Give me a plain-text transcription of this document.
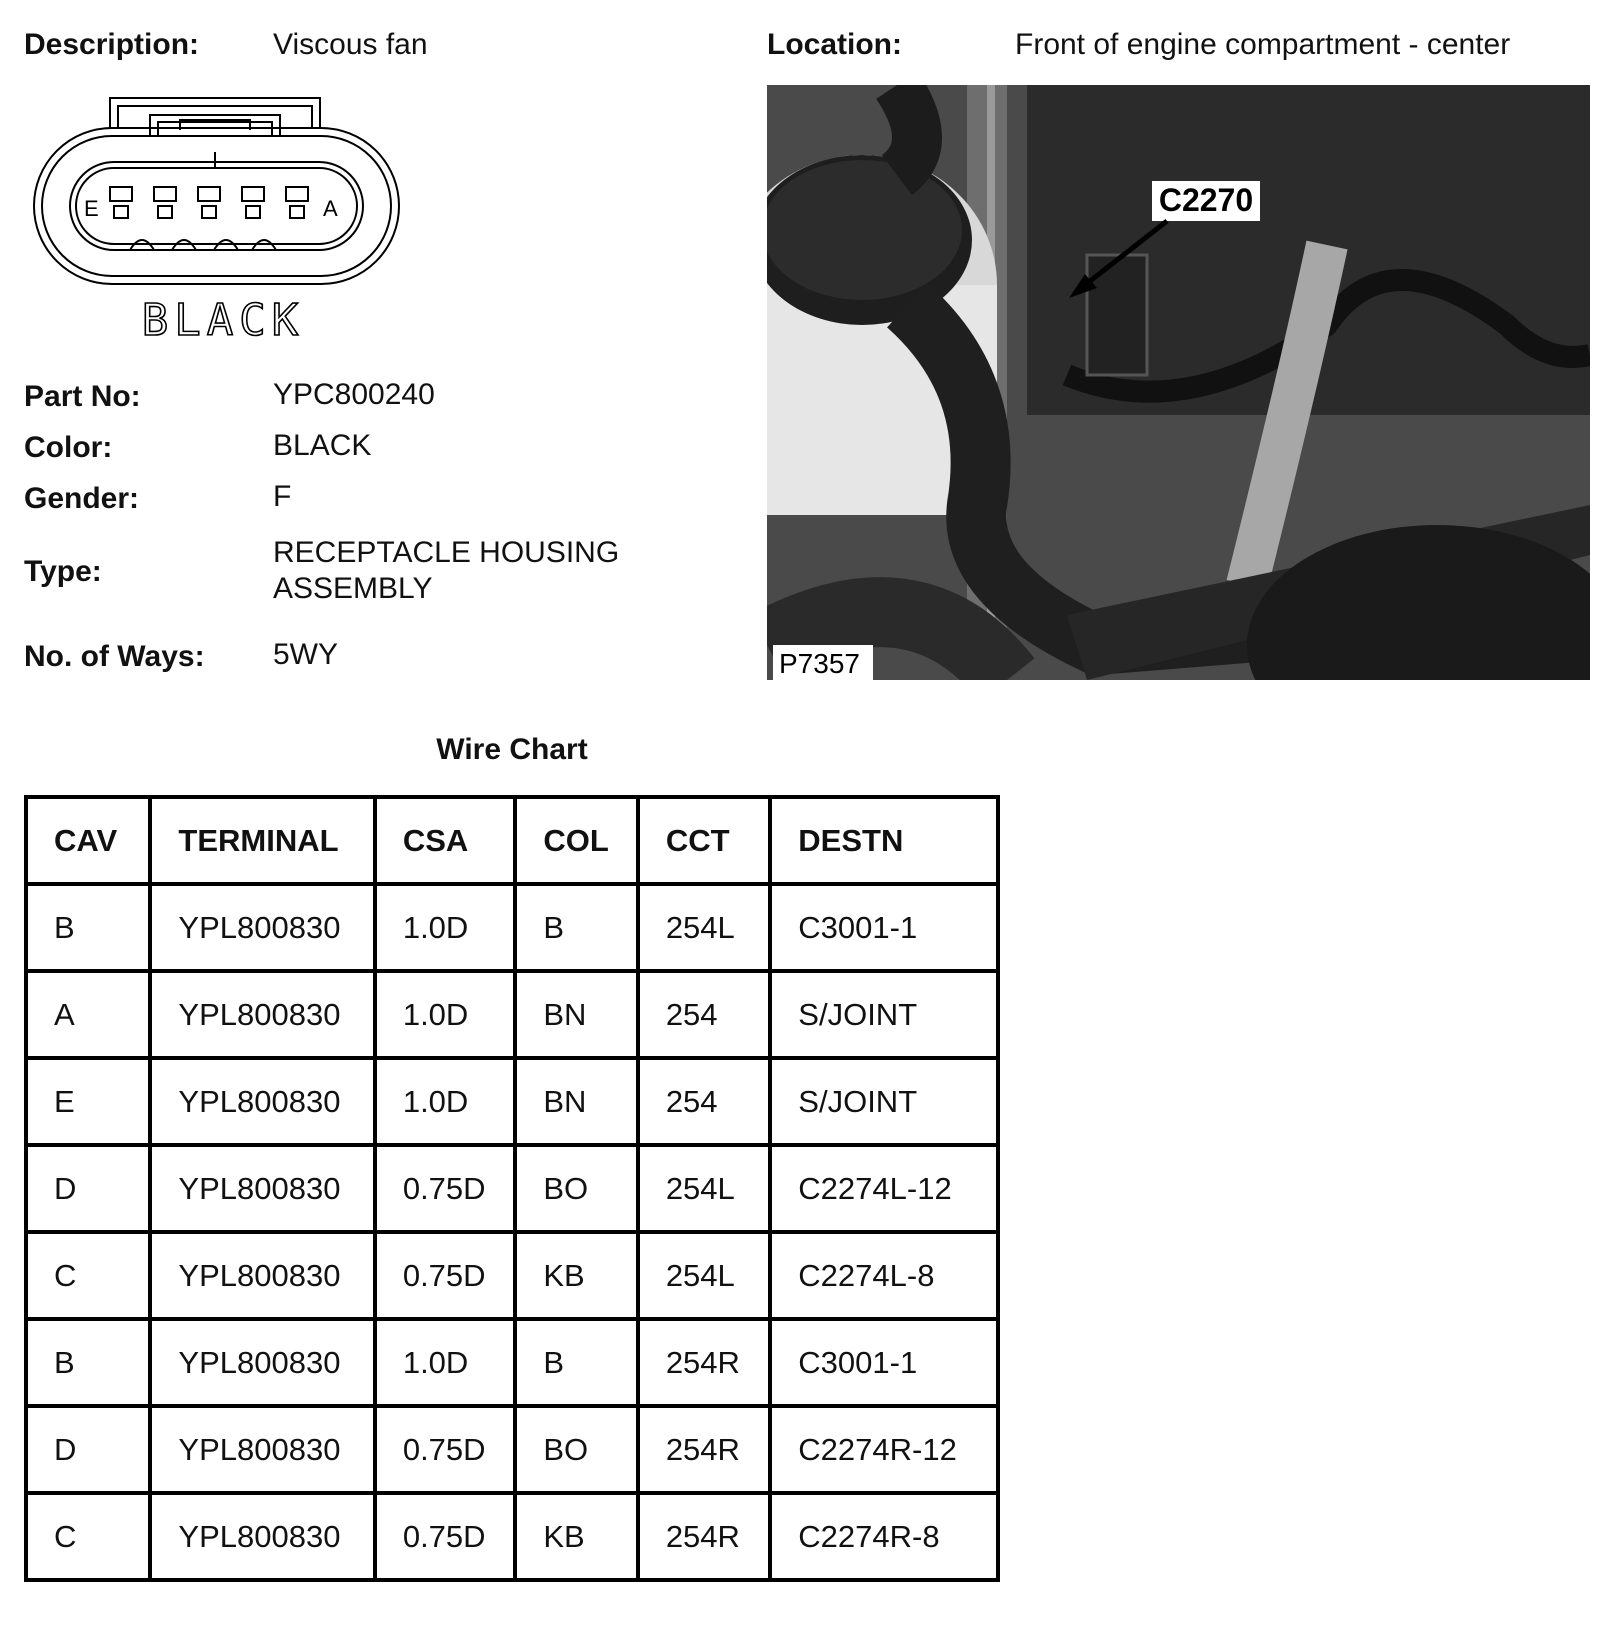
Description: Viscous fan	Location:	Front of engine compartment - center
E	A
BLACK
Part No:	YPC800240
Color:	BLACK
Gender:	F
Type:
RECEPTACLE HOUSING
ASSEMBLY
No. of Ways: 5WY
C2270
P7357
Wire Chart
CAV	TERMINAL	CSA	COL	CCT	DESTN
B	YPL800830	1.0D	B	254L	C3001-1
A	YPL800830	1.0D	BN	254	S/JOINT
E	YPL800830	1.0D	BN	254	S/JOINT
D	YPL800830	0.75D	BO	254L	C2274L-12
C	YPL800830	0.75D	KB	254L	C2274L-8
B	YPL800830	1.0D	B	254R	C3001-1
D	YPL800830	0.75D	BO	254R	C2274R-12
C	YPL800830	0.75D	KB	254R	C2274R-8
